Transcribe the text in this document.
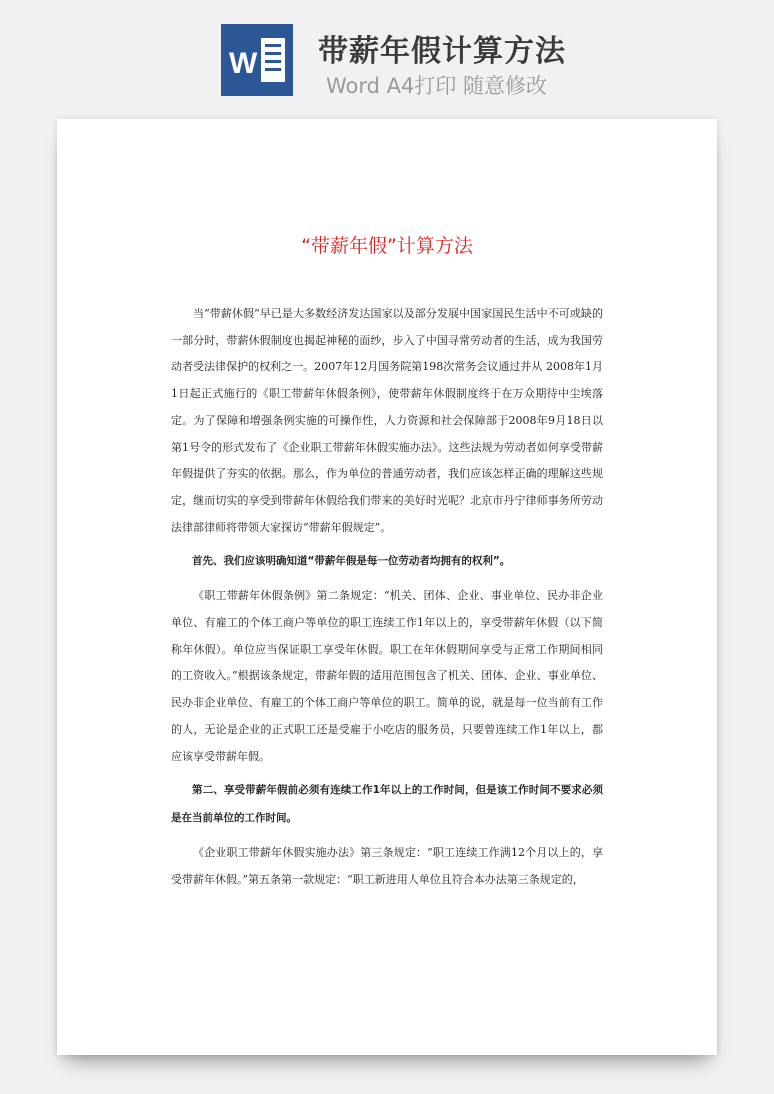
W 带薪年假计算方法
Word A4打印 随意修改
“带薪年假”计算方法

当“带薪休假”早已是大多数经济发达国家以及部分发展中国家国民生活中不可或缺的一部分时，带薪休假制度也揭起神秘的面纱，步入了中国寻常劳动者的生活，成为我国劳动者受法律保护的权利之一。2007年12月国务院第198次常务会议通过并从 2008年1月1日起正式施行的《职工带薪年休假条例》，使带薪年休假制度终于在万众期待中尘埃落定。为了保障和增强条例实施的可操作性，人力资源和社会保障部于2008年9月18日以第1号令的形式发布了《企业职工带薪年休假实施办法》。这些法规为劳动者如何享受带薪年假提供了夯实的依据。那么，作为单位的普通劳动者，我们应该怎样正确的理解这些规定，继而切实的享受到带薪年休假给我们带来的美好时光呢？北京市丹宁律师事务所劳动法律部律师将带领大家探访“带薪年假规定”。

首先、我们应该明确知道“带薪年假是每一位劳动者均拥有的权利”。

《职工带薪年休假条例》第二条规定：“机关、团体、企业、事业单位、民办非企业单位、有雇工的个体工商户等单位的职工连续工作1年以上的，享受带薪年休假（以下简称年休假）。单位应当保证职工享受年休假。职工在年休假期间享受与正常工作期间相同的工资收入。”根据该条规定，带薪年假的适用范围包含了机关、团体、企业、事业单位、民办非企业单位、有雇工的个体工商户等单位的职工。简单的说，就是每一位当前有工作的人，无论是企业的正式职工还是受雇于小吃店的服务员，只要曾连续工作1年以上，都应该享受带薪年假。

第二、享受带薪年假前必须有连续工作1年以上的工作时间，但是该工作时间不要求必须是在当前单位的工作时间。

《企业职工带薪年休假实施办法》第三条规定：“职工连续工作满12个月以上的，享受带薪年休假。”第五条第一款规定：“职工新进用人单位且符合本办法第三条规定的，
